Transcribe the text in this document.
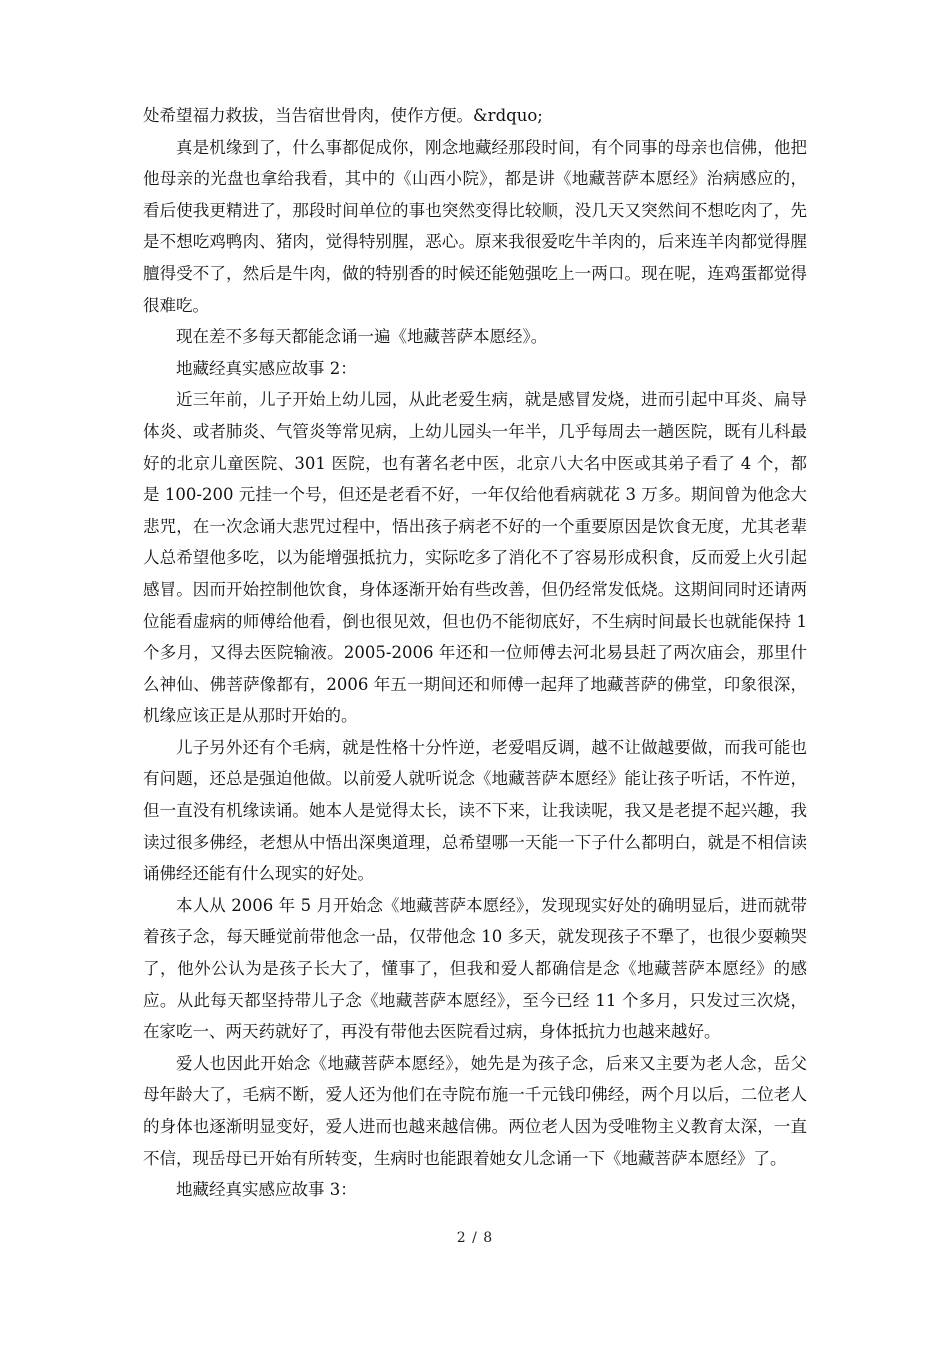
处希望福力救拔，当告宿世骨肉，使作方便。&rdquo;

真是机缘到了，什么事都促成你，刚念地藏经那段时间，有个同事的母亲也信佛，他把他母亲的光盘也拿给我看，其中的《山西小院》，都是讲《地藏菩萨本愿经》治病感应的，看后使我更精进了，那段时间单位的事也突然变得比较顺，没几天又突然间不想吃肉了，先是不想吃鸡鸭肉、猪肉，觉得特别腥，恶心。原来我很爱吃牛羊肉的，后来连羊肉都觉得腥膻得受不了，然后是牛肉，做的特别香的时候还能勉强吃上一两口。现在呢，连鸡蛋都觉得很难吃。

现在差不多每天都能念诵一遍《地藏菩萨本愿经》。

地藏经真实感应故事 2：

近三年前，儿子开始上幼儿园，从此老爱生病，就是感冒发烧，进而引起中耳炎、扁导体炎、或者肺炎、气管炎等常见病，上幼儿园头一年半，几乎每周去一趟医院，既有儿科最好的北京儿童医院、301 医院，也有著名老中医，北京八大名中医或其弟子看了 4 个，都是 100-200 元挂一个号，但还是老看不好，一年仅给他看病就花 3 万多。期间曾为他念大悲咒，在一次念诵大悲咒过程中，悟出孩子病老不好的一个重要原因是饮食无度，尤其老辈人总希望他多吃，以为能增强抵抗力，实际吃多了消化不了容易形成积食，反而爱上火引起感冒。因而开始控制他饮食，身体逐渐开始有些改善，但仍经常发低烧。这期间同时还请两位能看虚病的师傅给他看，倒也很见效，但也仍不能彻底好，不生病时间最长也就能保持 1 个多月，又得去医院输液。2005-2006 年还和一位师傅去河北易县赶了两次庙会，那里什么神仙、佛菩萨像都有，2006 年五一期间还和师傅一起拜了地藏菩萨的佛堂，印象很深，机缘应该正是从那时开始的。

儿子另外还有个毛病，就是性格十分忤逆，老爱唱反调，越不让做越要做，而我可能也有问题，还总是强迫他做。以前爱人就听说念《地藏菩萨本愿经》能让孩子听话，不忤逆，但一直没有机缘读诵。她本人是觉得太长，读不下来，让我读呢，我又是老提不起兴趣，我读过很多佛经，老想从中悟出深奥道理，总希望哪一天能一下子什么都明白，就是不相信读诵佛经还能有什么现实的好处。

本人从 2006 年 5 月开始念《地藏菩萨本愿经》，发现现实好处的确明显后，进而就带着孩子念，每天睡觉前带他念一品，仅带他念 10 多天，就发现孩子不犟了，也很少耍赖哭了，他外公认为是孩子长大了，懂事了，但我和爱人都确信是念《地藏菩萨本愿经》的感应。从此每天都坚持带儿子念《地藏菩萨本愿经》，至今已经 11 个多月，只发过三次烧，在家吃一、两天药就好了，再没有带他去医院看过病，身体抵抗力也越来越好。

爱人也因此开始念《地藏菩萨本愿经》，她先是为孩子念，后来又主要为老人念，岳父母年龄大了，毛病不断，爱人还为他们在寺院布施一千元钱印佛经，两个月以后，二位老人的身体也逐渐明显变好，爱人进而也越来越信佛。两位老人因为受唯物主义教育太深，一直不信，现岳母已开始有所转变，生病时也能跟着她女儿念诵一下《地藏菩萨本愿经》了。

地藏经真实感应故事 3：

2 / 8
